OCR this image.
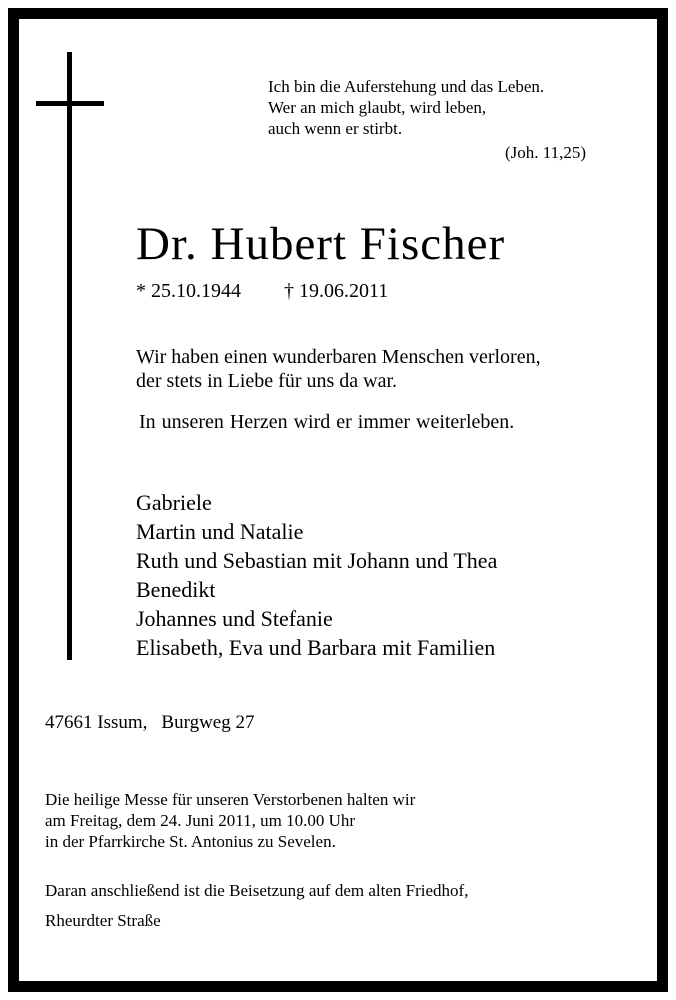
Ich bin die Auferstehung und das Leben.
Wer an mich glaubt, wird leben,
auch wenn er stirbt.
(Joh. 11,25)
Dr. Hubert Fischer
* 25.10.1944 † 19.06.2011
Wir haben einen wunderbaren Menschen verloren,
der stets in Liebe für uns da war.
In unseren Herzen wird er immer weiterleben.
Gabriele
Martin und Natalie
Ruth und Sebastian mit Johann und Thea
Benedikt
Johannes und Stefanie
Elisabeth, Eva und Barbara mit Familien
47661 Issum, Burgweg 27
Die heilige Messe für unseren Verstorbenen halten wir
am Freitag, dem 24. Juni 2011, um 10.00 Uhr
in der Pfarrkirche St. Antonius zu Sevelen.
Daran anschließend ist die Beisetzung auf dem alten Friedhof,
Rheurdter Straße
